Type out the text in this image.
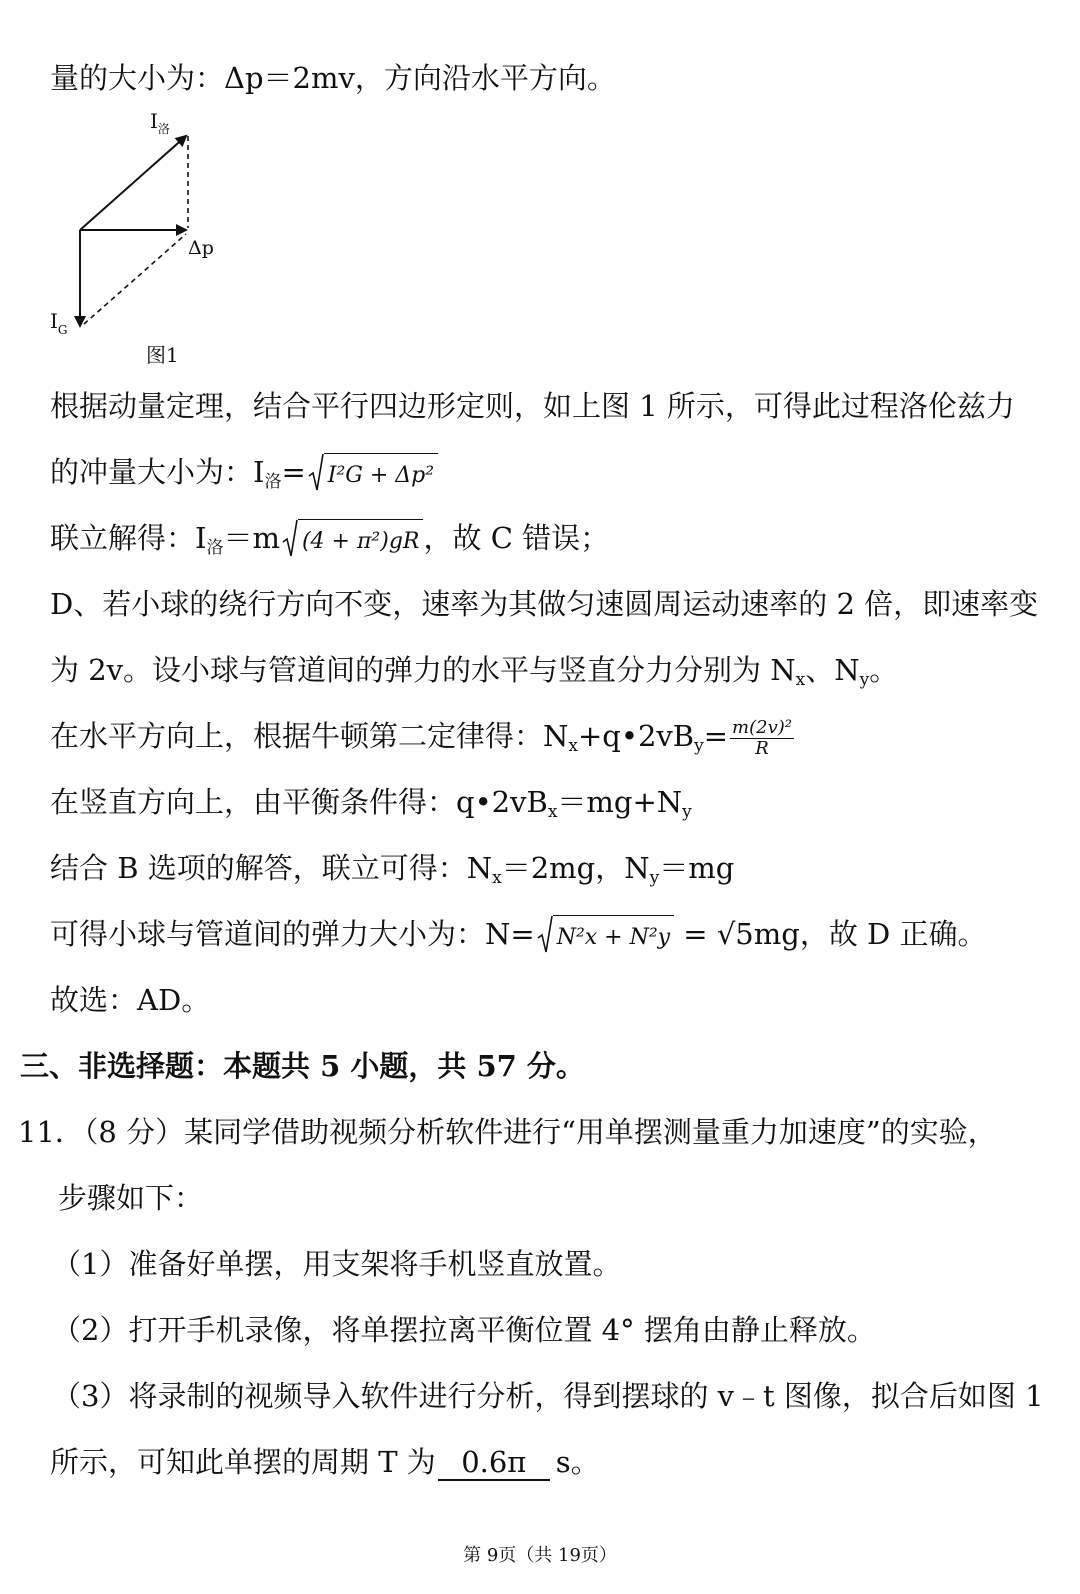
量的大小为：Δp＝2mv，方向沿水平方向。
$I_洛$
Δp
$I_G$
图1
根据动量定理，结合平行四边形定则，如上图 1 所示，可得此过程洛伦兹力
的冲量大小为：$I_洛= I^2G + \Delta p^2$
联立解得：$I_洛=m$ (4 + π²)gR ，故 C 错误；
D、若小球的绕行方向不变，速率为其做匀速圆周运动速率的 2 倍，即速率变
为 2v。设小球与管道间的弹力的水平与竖直分力分别为 $N_x$、$N_y$。
在水平方向上，根据牛顿第二定律得：$N_x+q•2vB_y= \frac{\text{m(2v)²}}{R}$
在竖直方向上，由平衡条件得：$q•2vB_x=mg+N_y$
结合 B 选项的解答，联立可得：$N_x=2mg$，$N_y=mg$
可得小球与管道间的弹力大小为：N= N²x + N²y = √5mg，故 D 正确。
故选：AD。
三、非选择题：本题共 5 小题，共 57 分。
11．（8 分）某同学借助视频分析软件进行“用单摆测量重力加速度”的实验，
步骤如下：
（1）准备好单摆，用支架将手机竖直放置。
（2）打开手机录像，将单摆拉离平衡位置 4° 摆角由静止释放。
（3）将录制的视频导入软件进行分析，得到摆球的 v﹣t 图像，拟合后如图 1
所示，可知此单摆的周期 T 为 0.6π s。
第 9页（共 19页）
